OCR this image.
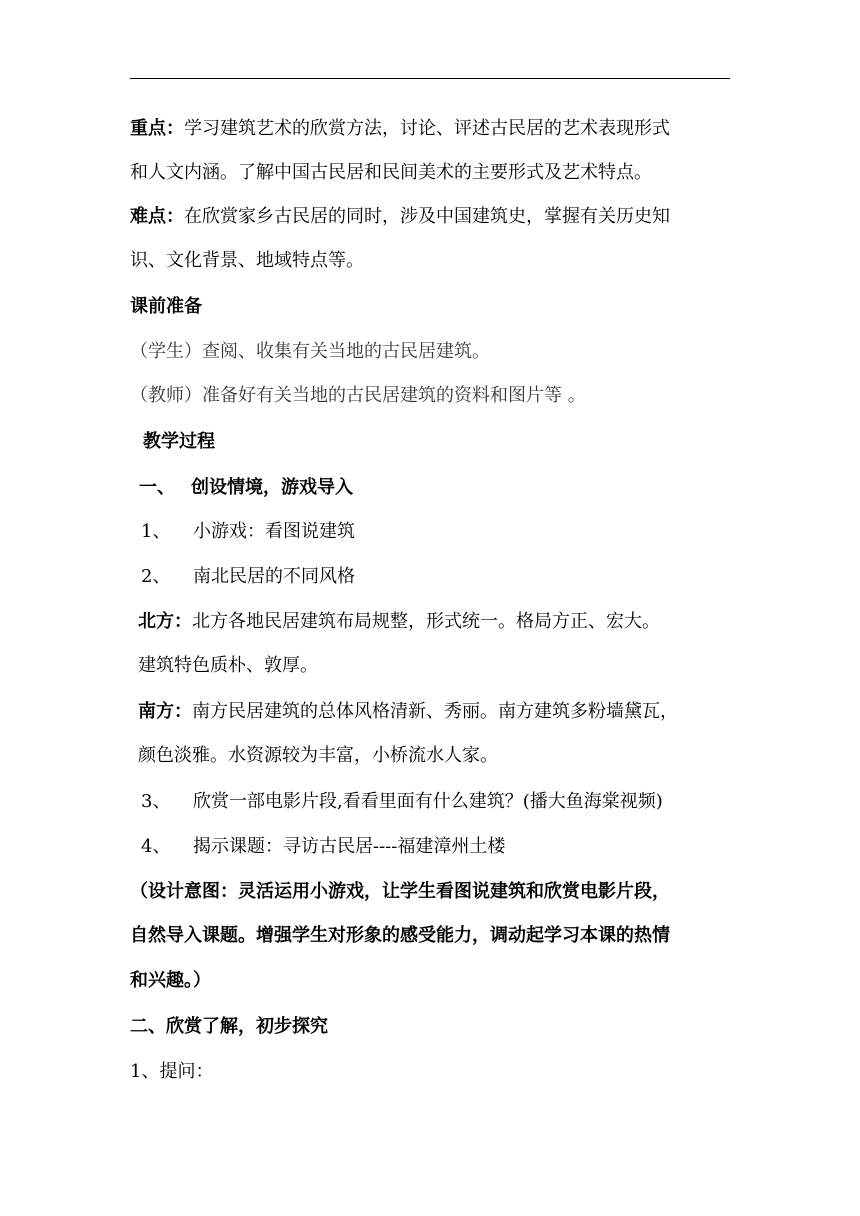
重点：学习建筑艺术的欣赏方法，讨论、评述古民居的艺术表现形式
和人文内涵。了解中国古民居和民间美术的主要形式及艺术特点。
难点：在欣赏家乡古民居的同时，涉及中国建筑史，掌握有关历史知
识、文化背景、地域特点等。
课前准备
（学生）查阅、收集有关当地的古民居建筑。
（教师）准备好有关当地的古民居建筑的资料和图片等 。
教学过程
一、 创设情境，游戏导入
1、 小游戏：看图说建筑
2、 南北民居的不同风格
北方：北方各地民居建筑布局规整，形式统一。格局方正、宏大。
建筑特色质朴、敦厚。
南方：南方民居建筑的总体风格清新、秀丽。南方建筑多粉墙黛瓦，
颜色淡雅。水资源较为丰富，小桥流水人家。
3、 欣赏一部电影片段,看看里面有什么建筑？(播大鱼海棠视频)
4、 揭示课题：寻访古民居----福建漳州土楼
（设计意图：灵活运用小游戏，让学生看图说建筑和欣赏电影片段，
自然导入课题。增强学生对形象的感受能力，调动起学习本课的热情
和兴趣。）
二、欣赏了解，初步探究
1、提问：
